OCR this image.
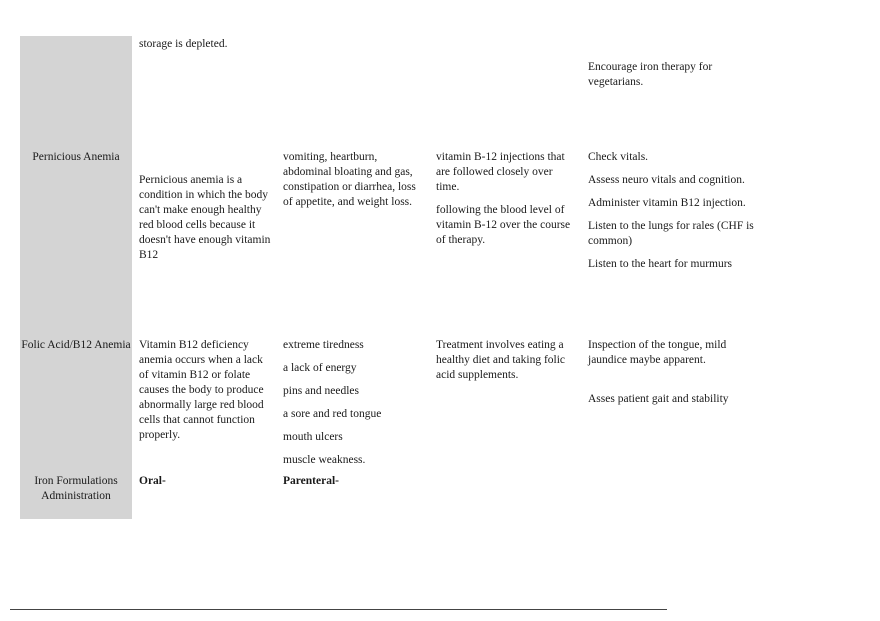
storage is depleted.

Encourage iron therapy for vegetarians.

Pernicious Anemia

Pernicious anemia is a condition in which the body can't make enough healthy red blood cells because it doesn't have enough vitamin B12

vomiting, heartburn, abdominal bloating and gas, constipation or diarrhea, loss of appetite, and weight loss.

vitamin B-12 injections that are followed closely over time.

following the blood level of vitamin B-12 over the course of therapy.

Check vitals.

Assess neuro vitals and cognition.

Administer vitamin B12 injection.

Listen to the lungs for rales (CHF is common)

Listen to the heart for murmurs

Folic Acid/B12 Anemia Vitamin B12 deficiency anemia occurs when a lack of vitamin B12 or folate causes the body to produce abnormally large red blood cells that cannot function properly.

extreme tiredness

a lack of energy

pins and needles

a sore and red tongue

mouth ulcers

muscle weakness.

Treatment involves eating a healthy diet and taking folic acid supplements.

Inspection of the tongue, mild jaundice maybe apparent.

Asses patient gait and stability

Iron Formulations Administration

Oral-	Parenteral-
